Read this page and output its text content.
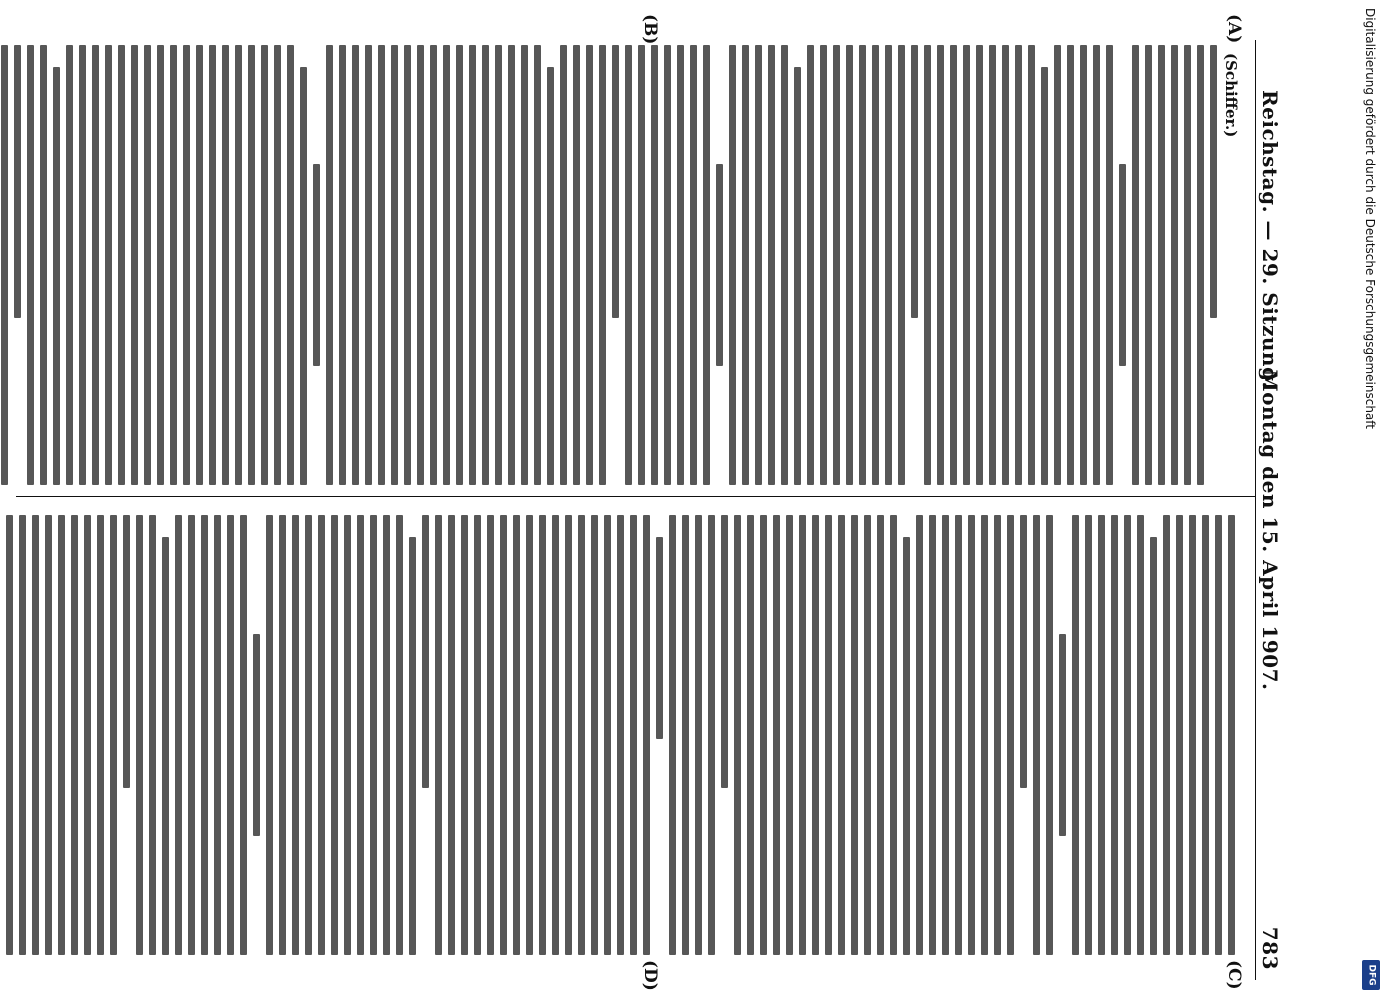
Reichstag. — 29. Sitzung.
Montag den 15. April 1907.
783
(A)
(B)
(C)
(D)
(Schiffer.)	Digitalisierung gefördert durch die Deutsche Forschungsgemeinschaft
DFG
